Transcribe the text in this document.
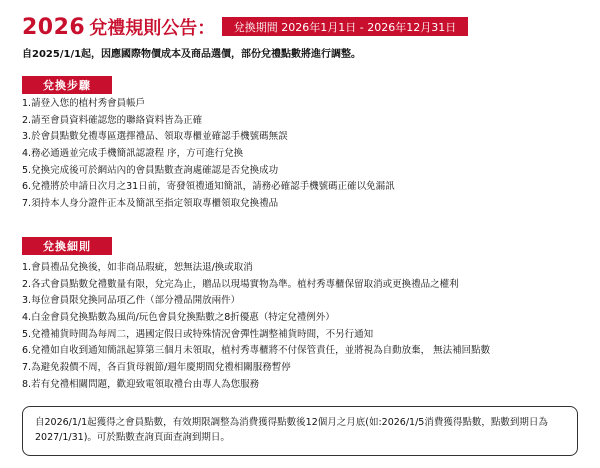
2026 兌禮規則公告：	兌換期間 2026年1月1日 - 2026年12月31日
自2025/1/1起，因應國際物價成本及商品選價，部份兌禮點數將進行調整。
兌換步驟
1.請登入您的植村秀會員帳戶
2.請至會員資料確認您的聯絡資料皆為正確
3.於會員點數兌禮專區選擇禮品、領取專櫃並確認手機號碼無誤
4.務必通過並完成手機簡訊認證程 序，方可進行兌換
5.兌換完成後可於網站內的會員點數查詢處確認是否兌換成功
6.兌禮將於申請日次月之31日前，寄發領禮通知簡訊，請務必確認手機號碼正確以免漏訊
7.須持本人身分證件正本及簡訊至指定領取專櫃領取兌換禮品
兌換細則
1.會員禮品兌換後，如非商品瑕疵，恕無法退/換或取消
2.各式會員點數兌禮數量有限，兌完為止，贈品以現場實物為準。植村秀專櫃保留取消或更換禮品之權利
3.每位會員限兌換同品項乙件（部分禮品開放兩件）
4.白金會員兌換點數為風尚/玩色會員兌換點數之8折優惠（特定兌禮例外）
5.兌禮補貨時間為每周二，遇國定假日或特殊情況會彈性調整補貨時間，不另行通知
6.兌禮如自收到通知簡訊起算第三個月未領取，植村秀專櫃將不付保管責任，並將視為自動放棄， 無法補回點數
7.為避免殺價不周，各百貨母親節/週年慶期間兌禮相關服務暫停
8.若有兌禮相關問題，歡迎致電領取禮台由專人為您服務
自2026/1/1起獲得之會員點數，有效期限調整為消費獲得點數後12個月之月底(如:2026/1/5消費獲得點數，點數到期日為2027/1/31)。可於點數查詢頁面查詢到期日。
